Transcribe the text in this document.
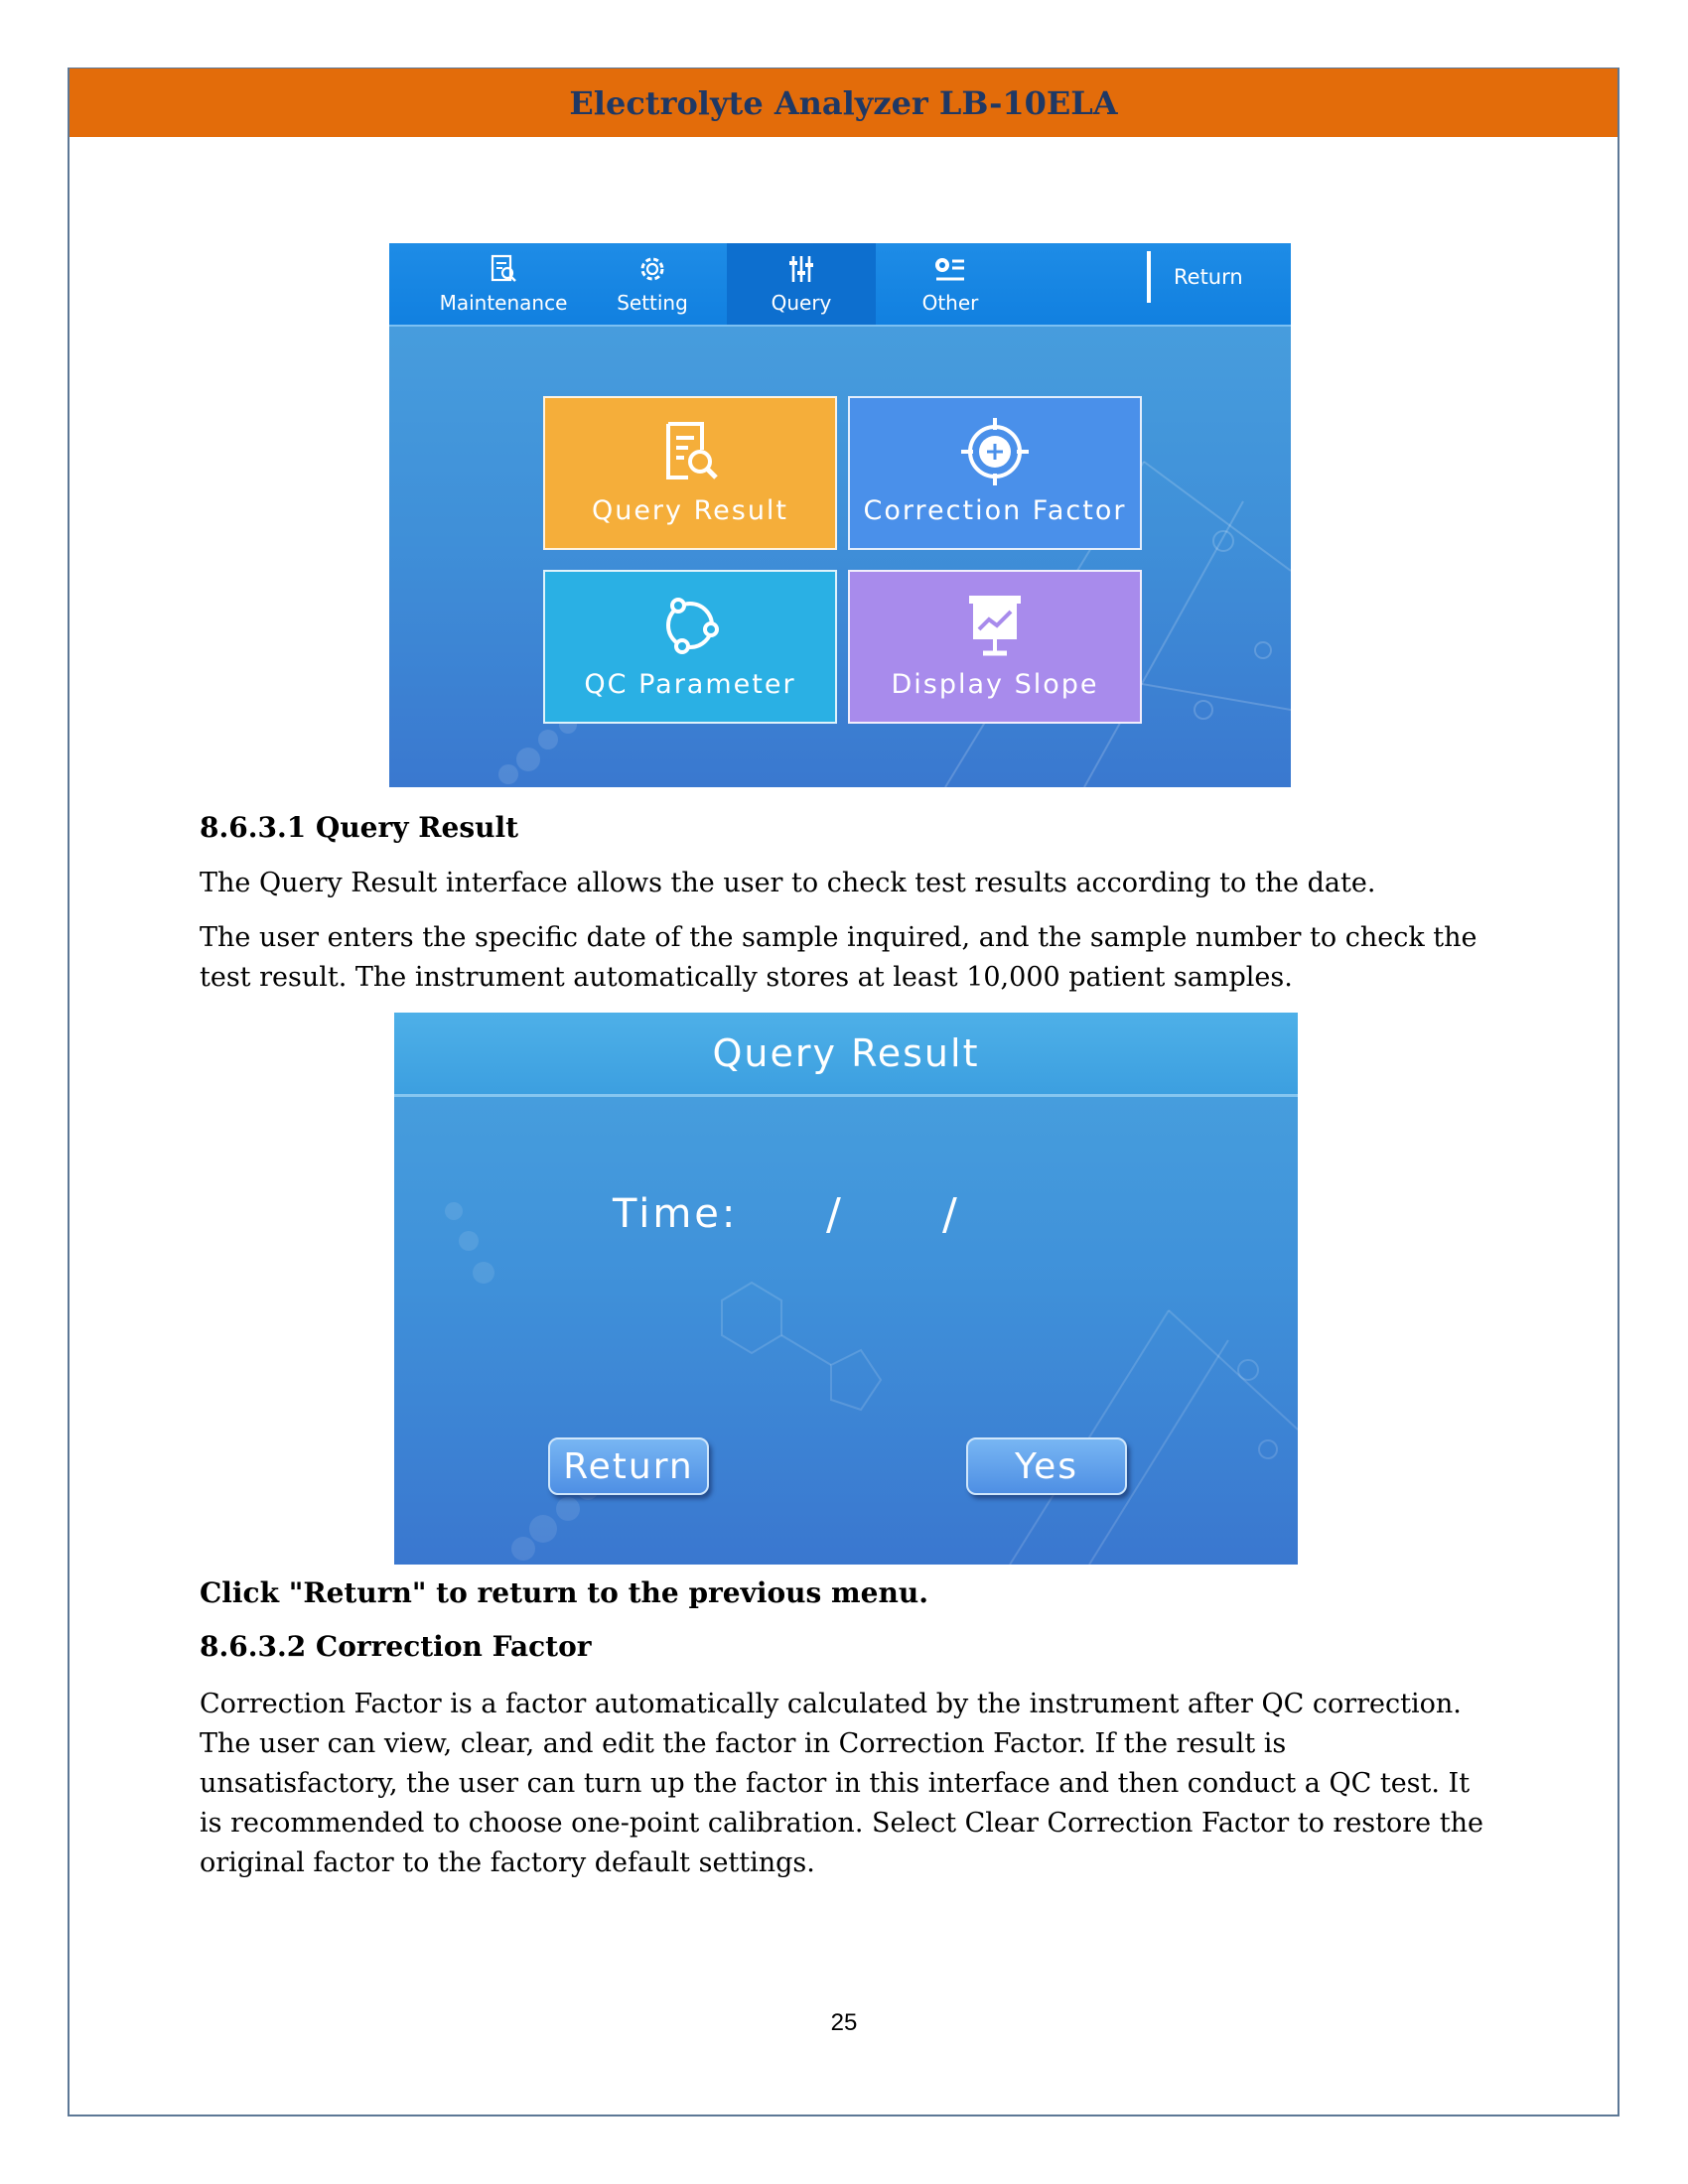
Electrolyte Analyzer LB-10ELA
Maintenance Setting	Query	Other
Return
Query Result	Correction Factor
QC Parameter	Display Slope
8.6.3.1 Query Result

The Query Result interface allows the user to check test results according to the date.

The user enters the specific date of the sample inquired, and the sample number to check the test result. The instrument automatically stores at least 10,000 patient samples.

Query Result
Time: / /
Return	Yes
Click "Return" to return to the previous menu.
8.6.3.2 Correction Factor

Correction Factor is a factor automatically calculated by the instrument after QC correction. The user can view, clear, and edit the factor in Correction Factor. If the result is unsatisfactory, the user can turn up the factor in this interface and then conduct a QC test. It is recommended to choose one-point calibration. Select Clear Correction Factor to restore the original factor to the factory default settings.

25
